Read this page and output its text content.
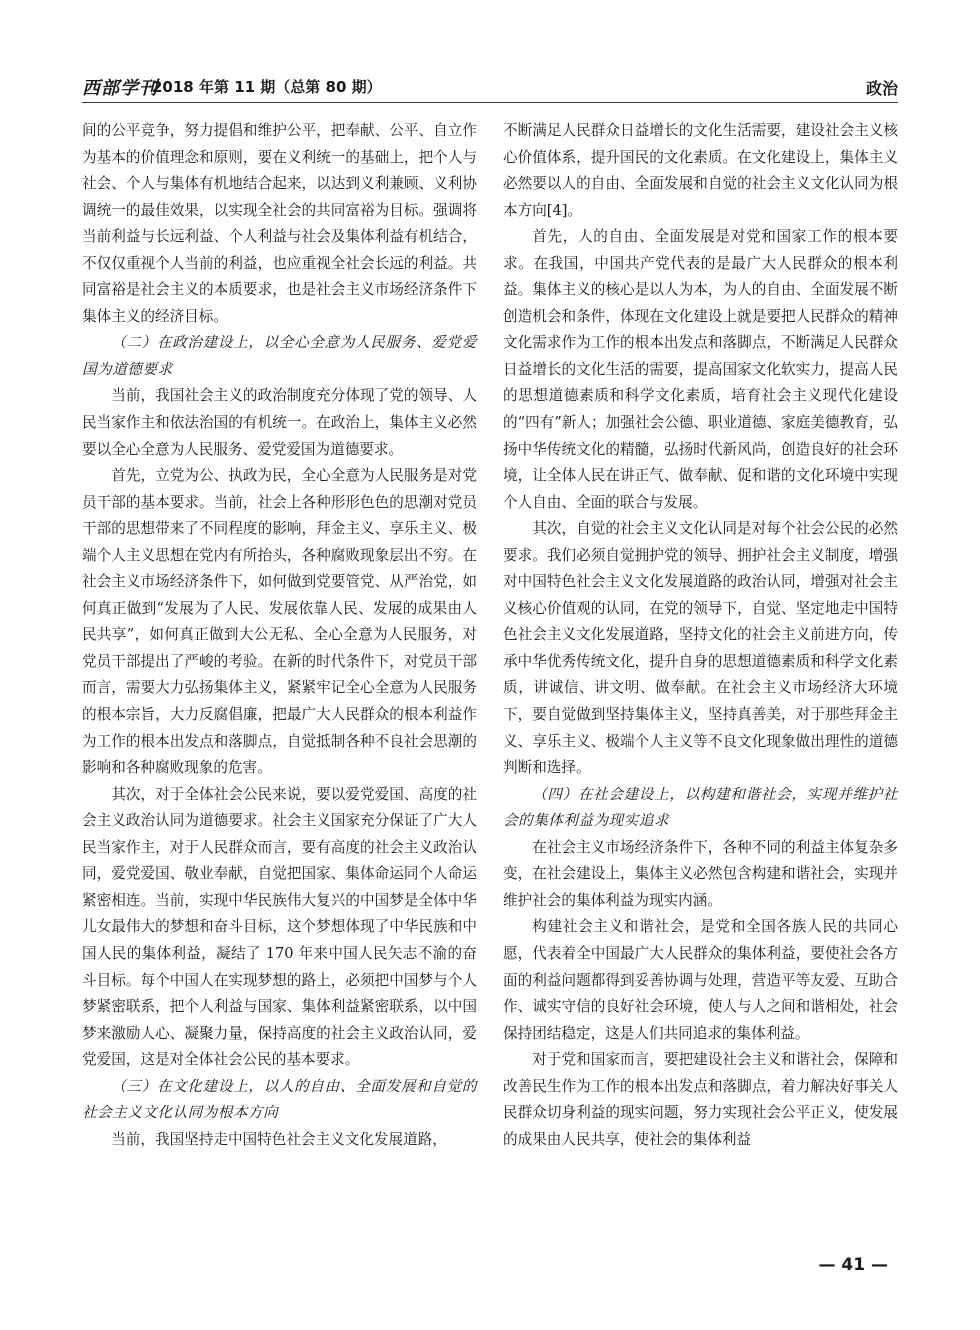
西部学刊
2018 年第 11 期（总第 80 期）	政治

间的公平竞争，努力提倡和维护公平，把奉献、公平、自立作为基本的价值理念和原则，要在义利统一的基础上，把个人与社会、个人与集体有机地结合起来，以达到义利兼顾、义利协调统一的最佳效果，以实现全社会的共同富裕为目标。强调将当前利益与长远利益、个人利益与社会及集体利益有机结合，不仅仅重视个人当前的利益，也应重视全社会长远的利益。共同富裕是社会主义的本质要求，也是社会主义市场经济条件下集体主义的经济目标。

（二）在政治建设上，以全心全意为人民服务、爱党爱国为道德要求

当前，我国社会主义的政治制度充分体现了党的领导、人民当家作主和依法治国的有机统一。在政治上，集体主义必然要以全心全意为人民服务、爱党爱国为道德要求。

首先，立党为公、执政为民，全心全意为人民服务是对党员干部的基本要求。当前，社会上各种形形色色的思潮对党员干部的思想带来了不同程度的影响，拜金主义、享乐主义、极端个人主义思想在党内有所抬头，各种腐败现象层出不穷。在社会主义市场经济条件下，如何做到党要管党、从严治党，如何真正做到“发展为了人民、发展依靠人民、发展的成果由人民共享”，如何真正做到大公无私、全心全意为人民服务，对党员干部提出了严峻的考验。在新的时代条件下，对党员干部而言，需要大力弘扬集体主义，紧紧牢记全心全意为人民服务的根本宗旨，大力反腐倡廉，把最广大人民群众的根本利益作为工作的根本出发点和落脚点，自觉抵制各种不良社会思潮的影响和各种腐败现象的危害。

其次，对于全体社会公民来说，要以爱党爱国、高度的社会主义政治认同为道德要求。社会主义国家充分保证了广大人民当家作主，对于人民群众而言，要有高度的社会主义政治认同，爱党爱国、敬业奉献，自觉把国家、集体命运同个人命运紧密相连。当前，实现中华民族伟大复兴的中国梦是全体中华儿女最伟大的梦想和奋斗目标，这个梦想体现了中华民族和中国人民的集体利益，凝结了 170 年来中国人民矢志不渝的奋斗目标。每个中国人在实现梦想的路上，必须把中国梦与个人梦紧密联系，把个人利益与国家、集体利益紧密联系，以中国梦来激励人心、凝聚力量，保持高度的社会主义政治认同，爱党爱国，这是对全体社会公民的基本要求。

（三）在文化建设上，以人的自由、全面发展和自觉的社会主义文化认同为根本方向

当前，我国坚持走中国特色社会主义文化发展道路，

不断满足人民群众日益增长的文化生活需要，建设社会主义核心价值体系，提升国民的文化素质。在文化建设上，集体主义必然要以人的自由、全面发展和自觉的社会主义文化认同为根本方向[4]。

首先，人的自由、全面发展是对党和国家工作的根本要求。在我国，中国共产党代表的是最广大人民群众的根本利益。集体主义的核心是以人为本，为人的自由、全面发展不断创造机会和条件，体现在文化建设上就是要把人民群众的精神文化需求作为工作的根本出发点和落脚点，不断满足人民群众日益增长的文化生活的需要，提高国家文化软实力，提高人民的思想道德素质和科学文化素质，培育社会主义现代化建设的“四有”新人；加强社会公德、职业道德、家庭美德教育，弘扬中华传统文化的精髓，弘扬时代新风尚，创造良好的社会环境，让全体人民在讲正气、做奉献、促和谐的文化环境中实现个人自由、全面的联合与发展。

其次，自觉的社会主义文化认同是对每个社会公民的必然要求。我们必须自觉拥护党的领导、拥护社会主义制度，增强对中国特色社会主义文化发展道路的政治认同，增强对社会主义核心价值观的认同，在党的领导下，自觉、坚定地走中国特色社会主义文化发展道路，坚持文化的社会主义前进方向，传承中华优秀传统文化，提升自身的思想道德素质和科学文化素质，讲诚信、讲文明、做奉献。在社会主义市场经济大环境下，要自觉做到坚持集体主义，坚持真善美，对于那些拜金主义、享乐主义、极端个人主义等不良文化现象做出理性的道德判断和选择。

（四）在社会建设上，以构建和谐社会，实现并维护社会的集体利益为现实追求

在社会主义市场经济条件下，各种不同的利益主体复杂多变，在社会建设上，集体主义必然包含构建和谐社会，实现并维护社会的集体利益为现实内涵。

构建社会主义和谐社会，是党和全国各族人民的共同心愿，代表着全中国最广大人民群众的集体利益，要使社会各方面的利益问题都得到妥善协调与处理，营造平等友爱、互助合作、诚实守信的良好社会环境，使人与人之间和谐相处，社会保持团结稳定，这是人们共同追求的集体利益。

对于党和国家而言，要把建设社会主义和谐社会，保障和改善民生作为工作的根本出发点和落脚点，着力解决好事关人民群众切身利益的现实问题，努力实现社会公平正义，使发展的成果由人民共享，使社会的集体利益

— 41 —
